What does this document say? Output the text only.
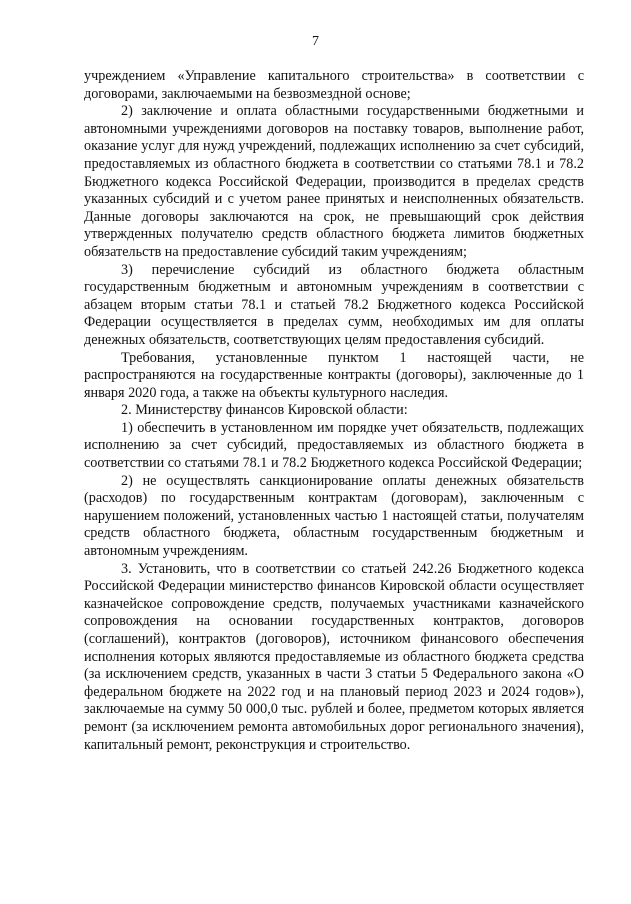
7

учреждением «Управление капитального строительства» в соответствии с договорами, заключаемыми на безвозмездной основе;

2) заключение и оплата областными государственными бюджетными и автономными учреждениями договоров на поставку товаров, выполнение работ, оказание услуг для нужд учреждений, подлежащих исполнению за счет субсидий, предоставляемых из областного бюджета в соответствии со статьями 78.1 и 78.2 Бюджетного кодекса Российской Федерации, производится в пределах средств указанных субсидий и с учетом ранее принятых и неисполненных обязательств. Данные договоры заключаются на срок, не превышающий срок действия утвержденных получателю средств областного бюджета лимитов бюджетных обязательств на предоставление субсидий таким учреждениям;

3) перечисление субсидий из областного бюджета областным государственным бюджетным и автономным учреждениям в соответствии с абзацем вторым статьи 78.1 и статьей 78.2 Бюджетного кодекса Российской Федерации осуществляется в пределах сумм, необходимых им для оплаты денежных обязательств, соответствующих целям предоставления субсидий.

Требования, установленные пунктом 1 настоящей части, не распространяются на государственные контракты (договоры), заключенные до 1 января 2020 года, а также на объекты культурного наследия.

2. Министерству финансов Кировской области:

1) обеспечить в установленном им порядке учет обязательств, подлежащих исполнению за счет субсидий, предоставляемых из областного бюджета в соответствии со статьями 78.1 и 78.2 Бюджетного кодекса Российской Федерации;

2) не осуществлять санкционирование оплаты денежных обязательств (расходов) по государственным контрактам (договорам), заключенным с нарушением положений, установленных частью 1 настоящей статьи, получателям средств областного бюджета, областным государственным бюджетным и автономным учреждениям.

3. Установить, что в соответствии со статьей 242.26 Бюджетного кодекса Российской Федерации министерство финансов Кировской области осуществляет казначейское сопровождение средств, получаемых участниками казначейского сопровождения на основании государственных контрактов, договоров (соглашений), контрактов (договоров), источником финансового обеспечения исполнения которых являются предоставляемые из областного бюджета средства (за исключением средств, указанных в части 3 статьи 5 Федерального закона «О федеральном бюджете на 2022 год и на плановый период 2023 и 2024 годов»), заключаемые на сумму 50 000,0 тыс. рублей и более, предметом которых является ремонт (за исключением ремонта автомобильных дорог регионального значения), капитальный ремонт, реконструкция и строительство.
